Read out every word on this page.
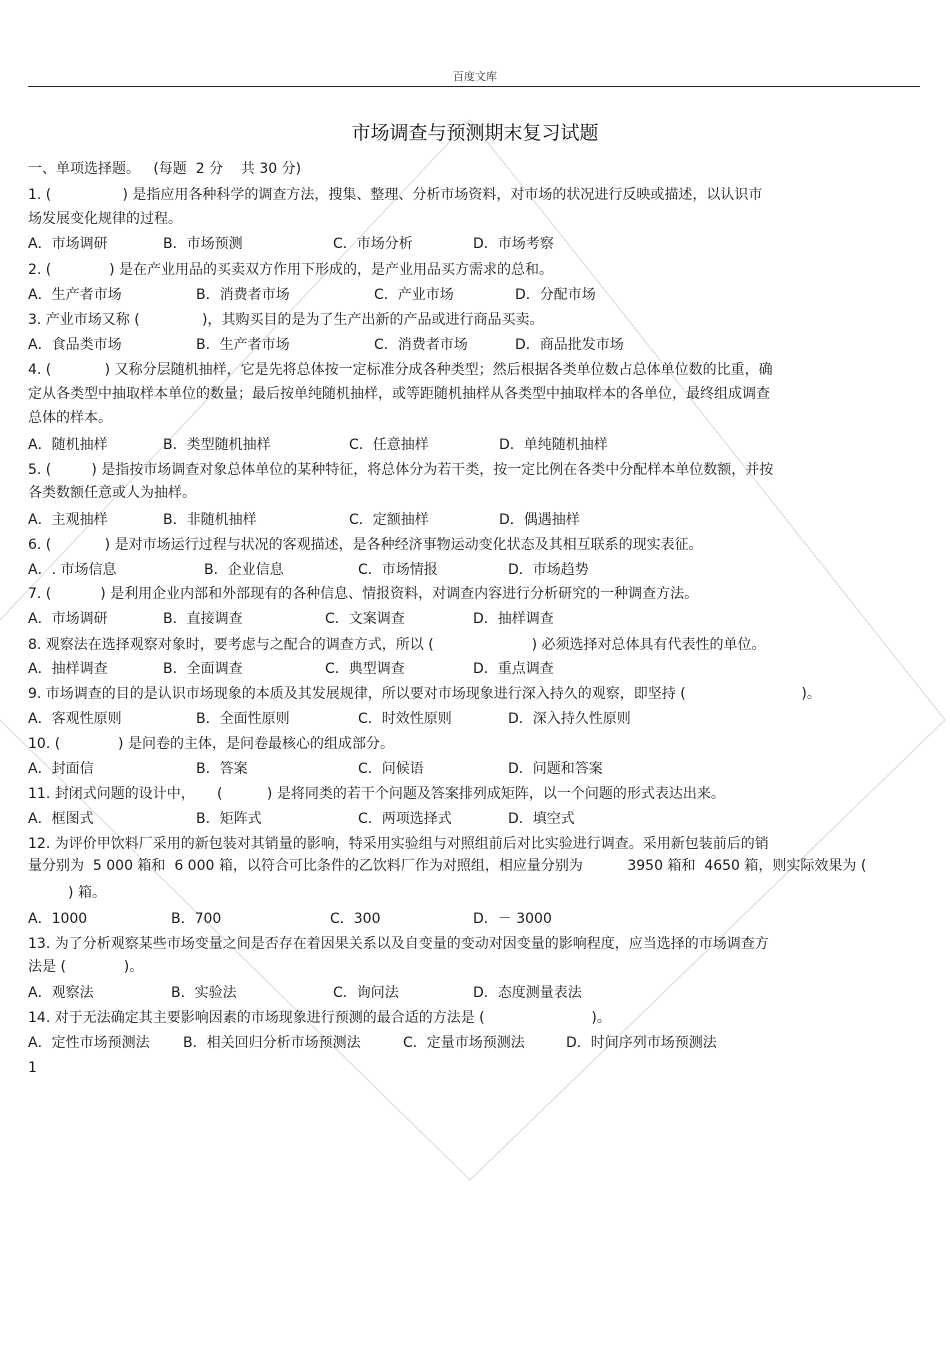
百度文库
市场调查与预测期末复习试题
一、单项选择题。   (每题  2 分    共 30 分)
1. (                ) 是指应用各种科学的调查方法，搜集、整理、分析市场资料，对市场的状况进行反映或描述，以认识市
场发展变化规律的过程。
A．市场调研	B．市场预测	C．市场分析	D．市场考察
2. (             ) 是在产业用品的买卖双方作用下形成的，是产业用品买方需求的总和。
A．生产者市场	B．消费者市场	C．产业市场	D．分配市场
3. 产业市场又称 (              )，其购买目的是为了生产出新的产品或进行商品买卖。
A．食品类市场	B．生产者市场	C．消费者市场	D．商品批发市场
4. (            ) 又称分层随机抽样，它是先将总体按一定标准分成各种类型；然后根据各类单位数占总体单位数的比重，确
定从各类型中抽取样本单位的数量；最后按单纯随机抽样，或等距随机抽样从各类型中抽取样本的各单位，最终组成调查
总体的样本。
A．随机抽样	B．类型随机抽样	C．任意抽样	D．单纯随机抽样
5. (         ) 是指按市场调查对象总体单位的某种特征，将总体分为若干类，按一定比例在各类中分配样本单位数额，并按
各类数额任意或人为抽样。
A．主观抽样	B．非随机抽样	C．定额抽样	D．偶遇抽样
6. (            ) 是对市场运行过程与状况的客观描述，是各种经济事物运动变化状态及其相互联系的现实表征。
A．. 市场信息	B．企业信息	C．市场情报	D．市场趋势
7. (           ) 是利用企业内部和外部现有的各种信息、情报资料，对调查内容进行分析研究的一种调查方法。
A．市场调研	B．直接调查	C．文案调查	D．抽样调查
8. 观察法在选择观察对象时，要考虑与之配合的调查方式，所以 (                      ) 必须选择对总体具有代表性的单位。
A．抽样调查	B．全面调查	C．典型调查	D．重点调查
9. 市场调查的目的是认识市场现象的本质及其发展规律，所以要对市场现象进行深入持久的观察，即坚持 (                          )。
A．客观性原则	B．全面性原则	C．时效性原则	D．深入持久性原则
10. (             ) 是问卷的主体，是问卷最核心的组成部分。
A．封面信	B．答案	C．问候语	D．问题和答案
11. 封闭式问题的设计中，     (          ) 是将同类的若干个问题及答案排列成矩阵，以一个问题的形式表达出来。
A．框图式	B．矩阵式	C．两项选择式	D．填空式
12. 为评价甲饮料厂采用的新包装对其销量的影响，特采用实验组与对照组前后对比实验进行调查。采用新包装前后的销
量分别为  5 000 箱和  6 000 箱，以符合可比条件的乙饮料厂作为对照组，相应量分别为          3950 箱和  4650 箱，则实际效果为 (
) 箱。
A．1000	B．700	C．300	D．－ 3000
13. 为了分析观察某些市场变量之间是否存在着因果关系以及自变量的变动对因变量的影响程度，应当选择的市场调查方
法是 (             )。
A．观察法	B．实验法	C．询问法	D．态度测量表法
14. 对于无法确定其主要影响因素的市场现象进行预测的最合适的方法是 (                        )。
A．定性市场预测法 B．相关回归分析市场预测法	C．定量市场预测法	D．时间序列市场预测法
1
